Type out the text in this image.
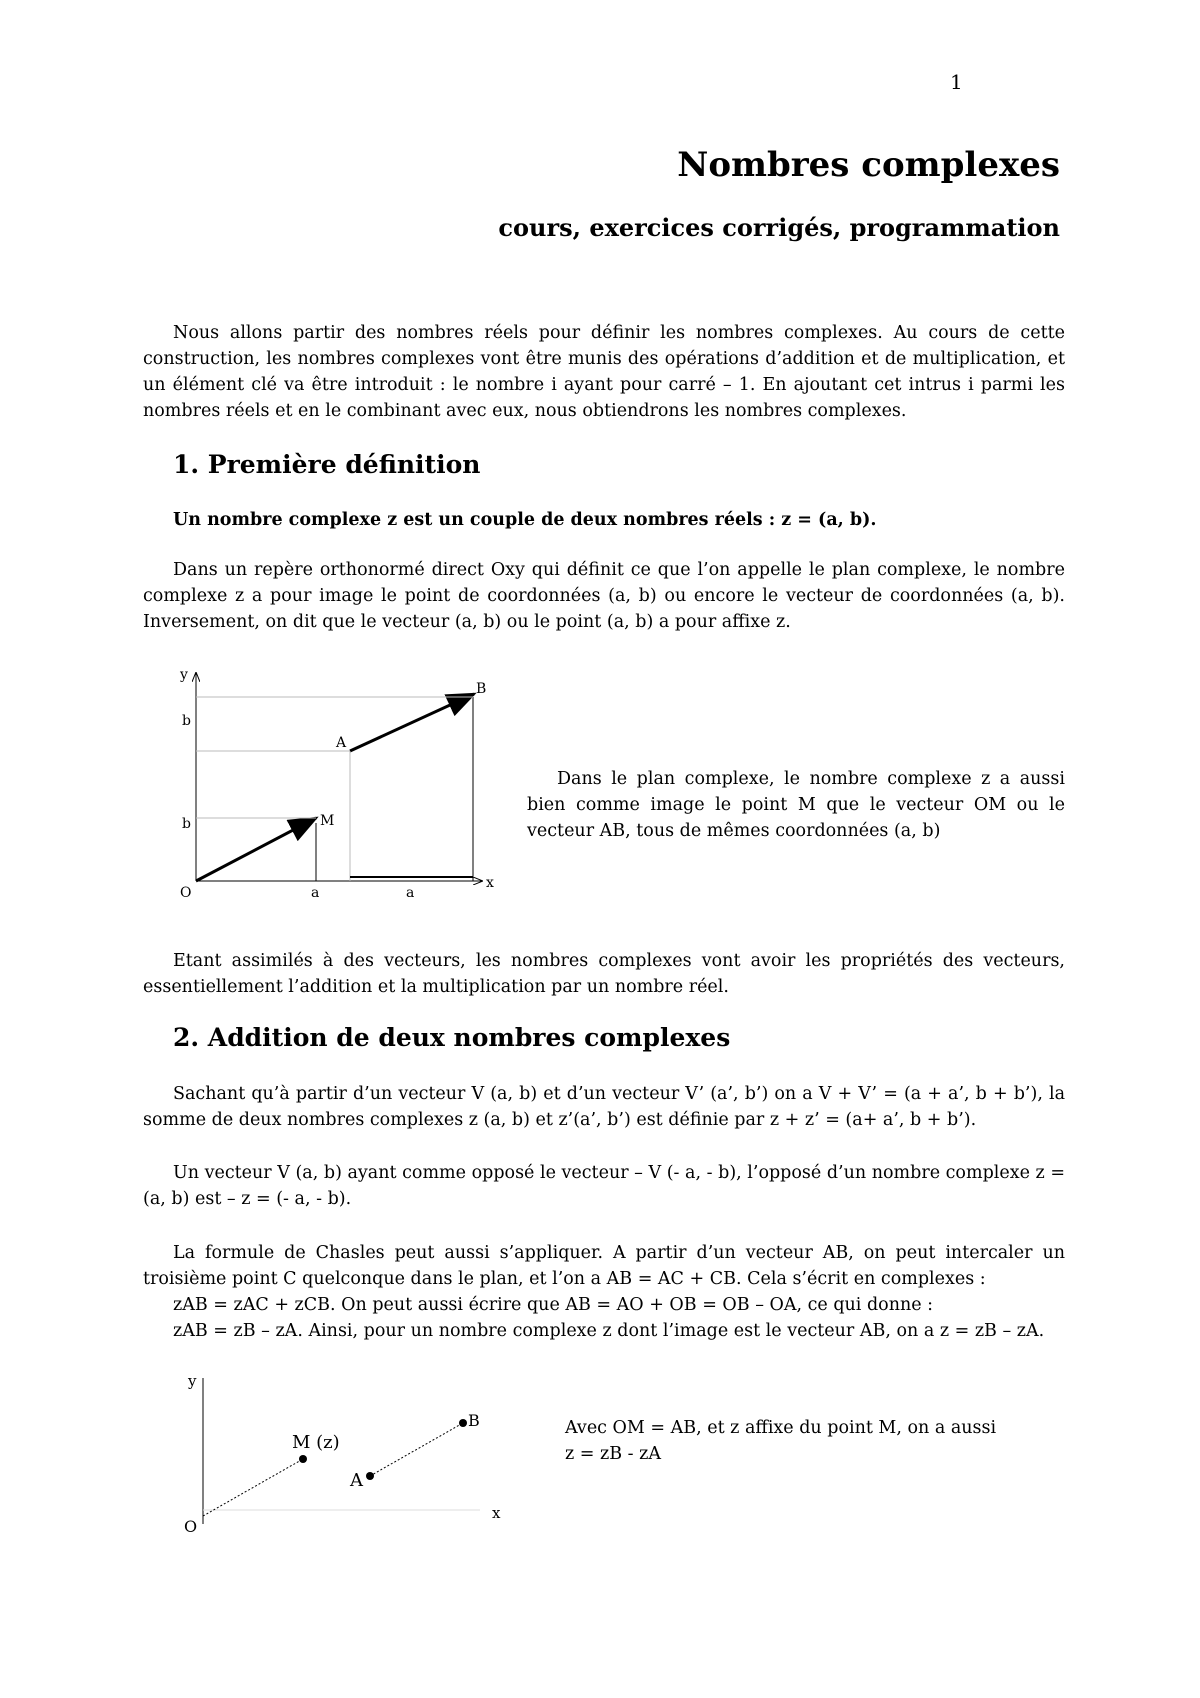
1
Nombres complexes
cours, exercices corrigés, programmation
Nous allons partir des nombres réels pour définir les nombres complexes. Au cours de cette construction, les nombres complexes vont être munis des opérations d’addition et de multiplication, et un élément clé va être introduit : le nombre i ayant pour carré – 1. En ajoutant cet intrus i parmi les nombres réels et en le combinant avec eux, nous obtiendrons les nombres complexes.
1. Première définition
Un nombre complexe z est un couple de deux nombres réels : z = (a, b).
Dans un repère orthonormé direct Oxy qui définit ce que l’on appelle le plan complexe, le nombre complexe z a pour image le point de coordonnées (a, b) ou encore le vecteur de coordonnées (a, b). Inversement, on dit que le vecteur (a, b) ou le point (a, b) a pour affixe z.
y
x
O
M
A
B
a	a
b
b
Dans le plan complexe, le nombre complexe z a aussi bien comme image le point M que le vecteur OM ou le vecteur AB, tous de mêmes coordonnées (a, b)
Etant assimilés à des vecteurs, les nombres complexes vont avoir les propriétés des vecteurs, essentiellement l’addition et la multiplication par un nombre réel.
2. Addition de deux nombres complexes
Sachant qu’à partir d’un vecteur V (a, b) et d’un vecteur V’ (a’, b’) on a V + V’ = (a + a’, b + b’), la somme de deux nombres complexes z (a, b) et z’(a’, b’) est définie par z + z’ = (a+ a’, b + b’).
Un vecteur V (a, b) ayant comme opposé le vecteur – V (- a, - b), l’opposé d’un nombre complexe z = (a, b) est – z = (- a, - b).
La formule de Chasles peut aussi s’appliquer. A partir d’un vecteur AB, on peut intercaler un troisième point C quelconque dans le plan, et l’on a AB = AC + CB. Cela s’écrit en complexes :
zAB = zAC + zCB. On peut aussi écrire que AB = AO + OB = OB – OA, ce qui donne :
zAB = zB – zA. Ainsi, pour un nombre complexe z dont l’image est le vecteur AB, on a z = zB – zA.
y
x
O
M (z)
A
B	Avec OM = AB, et z affixe du point M, on a aussi
z = zB - zA
